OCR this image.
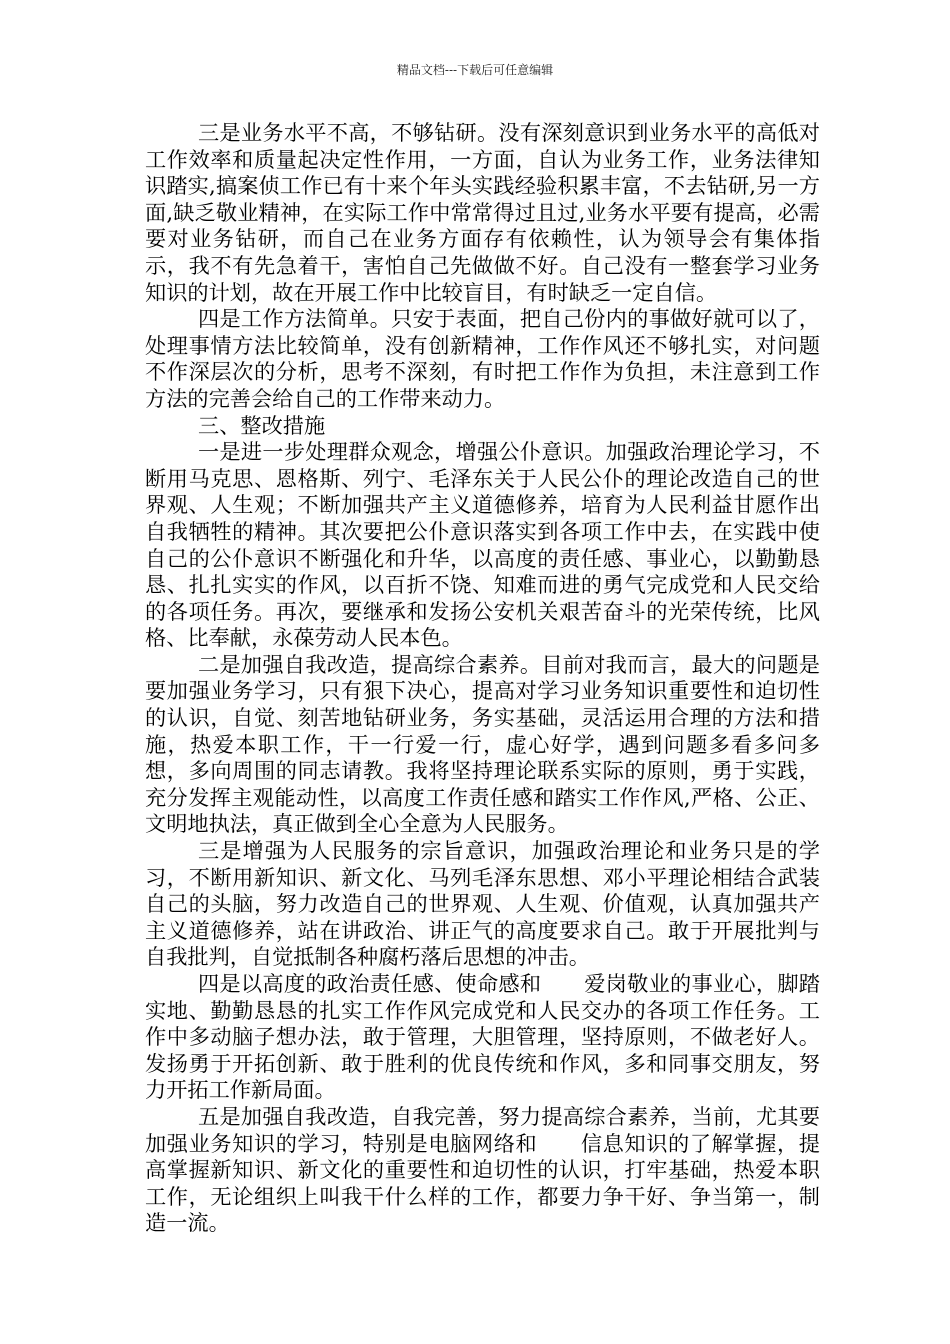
精品文档---下载后可任意编辑

三是业务水平不高，不够钻研。没有深刻意识到业务水平的高低对工作效率和质量起决定性作用，一方面，自认为业务工作，业务法律知识踏实,搞案侦工作已有十来个年头实践经验积累丰富，不去钻研,另一方面,缺乏敬业精神，在实际工作中常常得过且过,业务水平要有提高，必需要对业务钻研，而自己在业务方面存有依赖性，认为领导会有集体指示，我不有先急着干，害怕自己先做做不好。自己没有一整套学习业务知识的计划，故在开展工作中比较盲目，有时缺乏一定自信。

四是工作方法简单。只安于表面，把自己份内的事做好就可以了，处理事情方法比较简单，没有创新精神，工作作风还不够扎实，对问题不作深层次的分析，思考不深刻，有时把工作作为负担，未注意到工作方法的完善会给自己的工作带来动力。

三、整改措施

一是进一步处理群众观念，增强公仆意识。加强政治理论学习，不断用马克思、恩格斯、列宁、毛泽东关于人民公仆的理论改造自己的世界观、人生观；不断加强共产主义道德修养，培育为人民利益甘愿作出自我牺牲的精神。其次要把公仆意识落实到各项工作中去，在实践中使自己的公仆意识不断强化和升华，以高度的责任感、事业心，以勤勤恳恳、扎扎实实的作风，以百折不饶、知难而进的勇气完成党和人民交给的各项任务。再次，要继承和发扬公安机关艰苦奋斗的光荣传统，比风格、比奉献，永葆劳动人民本色。

二是加强自我改造，提高综合素养。目前对我而言，最大的问题是要加强业务学习，只有狠下决心，提高对学习业务知识重要性和迫切性的认识，自觉、刻苦地钻研业务，务实基础，灵活运用合理的方法和措施，热爱本职工作，干一行爱一行，虚心好学，遇到问题多看多问多想，多向周围的同志请教。我将坚持理论联系实际的原则，勇于实践，充分发挥主观能动性，以高度工作责任感和踏实工作作风,严格、公正、文明地执法，真正做到全心全意为人民服务。

三是增强为人民服务的宗旨意识，加强政治理论和业务只是的学习，不断用新知识、新文化、马列毛泽东思想、邓小平理论相结合武装自己的头脑，努力改造自己的世界观、人生观、价值观，认真加强共产主义道德修养，站在讲政治、讲正气的高度要求自己。敢于开展批判与自我批判，自觉抵制各种腐朽落后思想的冲击。

四是以高度的政治责任感、使命感和　　爱岗敬业的事业心，脚踏实地、勤勤恳恳的扎实工作作风完成党和人民交办的各项工作任务。工作中多动脑子想办法，敢于管理，大胆管理，坚持原则，不做老好人。发扬勇于开拓创新、敢于胜利的优良传统和作风，多和同事交朋友，努力开拓工作新局面。

五是加强自我改造，自我完善，努力提高综合素养，当前，尤其要加强业务知识的学习，特别是电脑网络和　　信息知识的了解掌握，提高掌握新知识、新文化的重要性和迫切性的认识，打牢基础，热爱本职工作，无论组织上叫我干什么样的工作，都要力争干好、争当第一，制造一流。
